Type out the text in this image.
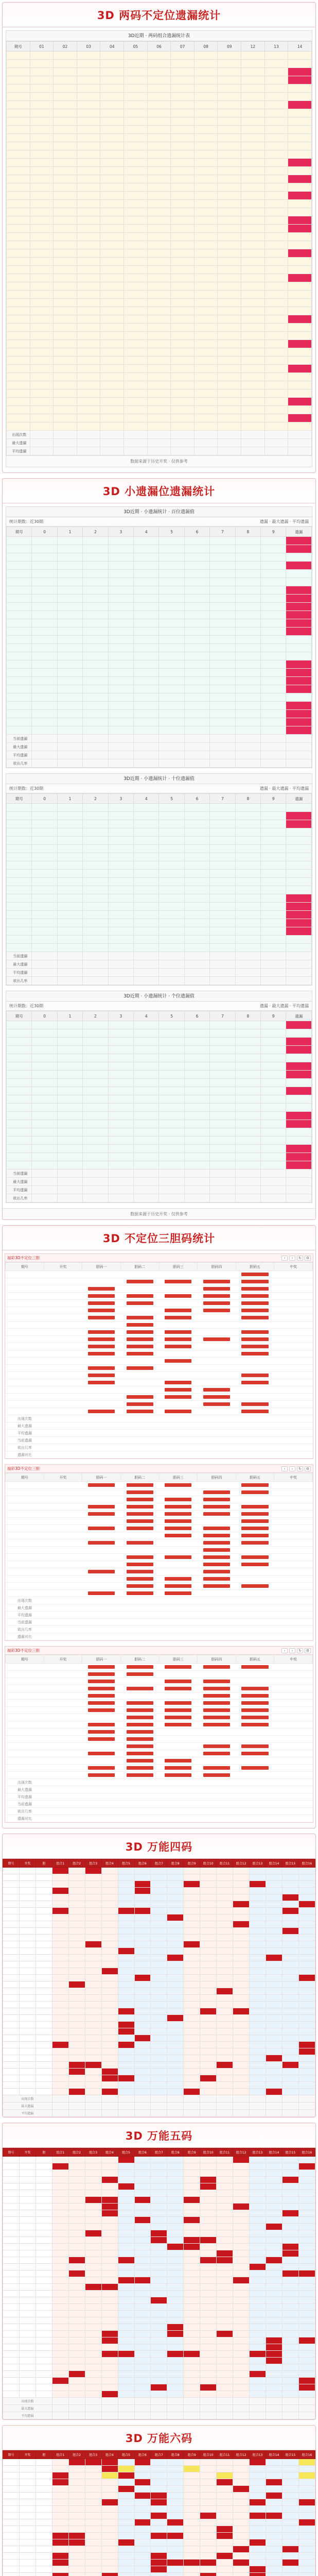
3D 两码不定位遗漏统计
3D近期 · 两码组合遗漏统计表
期号	01	02	03	04	05	06	07	08	09	12	13	14

出现次数												
最大遗漏												
平均遗漏												
数据来源于历史开奖 · 仅供参考
3D 小遗漏位遗漏统计
3D近期 · 小遗漏统计 · 百位遗漏值
统计期数：近30期	遗漏 · 最大遗漏 · 平均遗漏
期号	0	1	2	3	4	5	6	7	8	9	遗漏

当前遗漏											
最大遗漏											
平均遗漏											
欲出几率											
3D近期 · 小遗漏统计 · 十位遗漏值
统计期数：近30期	遗漏 · 最大遗漏 · 平均遗漏
期号	0	1	2	3	4	5	6	7	8	9	遗漏

当前遗漏											
最大遗漏											
平均遗漏											
欲出几率											
3D近期 · 小遗漏统计 · 个位遗漏值
统计期数：近30期	遗漏 · 最大遗漏 · 平均遗漏
期号	0	1	2	3	4	5	6	7	8	9	遗漏

当前遗漏											
最大遗漏											
平均遗漏											
欲出几率											
数据来源于历史开奖 · 仅供参考
3D 不定位三胆码统计
福彩3D不定位三胆	‹	›	↻	⚙
期号	开奖	胆码一	胆码二	胆码三	胆码四	胆码五	中奖

出现次数							
最大遗漏							
平均遗漏							
当前遗漏							
欲出几率							
遗漏对比							
福彩3D不定位三胆	‹	›	↻	⚙
期号	开奖	胆码一	胆码二	胆码三	胆码四	胆码五	中奖

出现次数							
最大遗漏							
平均遗漏							
当前遗漏							
欲出几率							
遗漏对比							
福彩3D不定位三胆	‹	›	↻	⚙
期号	开奖	胆码一	胆码二	胆码三	胆码四	胆码五	中奖

出现次数							
最大遗漏							
平均遗漏							
当前遗漏							
欲出几率							
遗漏对比							
3D 万能四码
期号	开奖	胆	组合1	组合2	组合3	组合4	组合5	组合6	组合7	组合8	组合9	组合10	组合11	组合12	组合13	组合14	组合15	组合16

出现次数																		
最大遗漏																		
平均遗漏																		
3D 万能五码
期号	开奖	胆	组合1	组合2	组合3	组合4	组合5	组合6	组合7	组合8	组合9	组合10	组合11	组合12	组合13	组合14	组合15	组合16

出现次数																		
最大遗漏																		
平均遗漏																		
3D 万能六码
期号	开奖	胆	组合1	组合2	组合3	组合4	组合5	组合6	组合7	组合8	组合9	组合10	组合11	组合12	组合13	组合14	组合15	组合16
